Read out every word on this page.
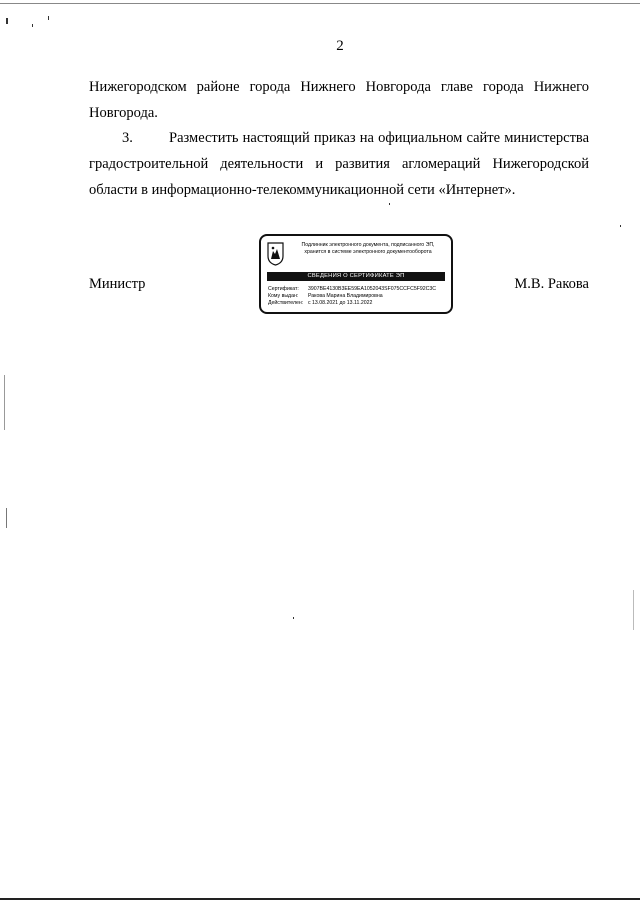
2
Нижегородском районе города Нижнего Новгорода главе города Нижнего Новгорода.
3. Разместить настоящий приказ на официальном сайте министерства градостроительной деятельности и развития агломераций Нижегородской области в информационно-телекоммуникационной сети «Интернет».
Подлинник электронного документа, подписанного ЭП,
хранится в системе электронного документооборота
СВЕДЕНИЯ О СЕРТИФИКАТЕ ЭП
Сертификат: 3907BE4130B3EE59EA1052043SF075CCFC5F92C3C
Кому выдан: Ракова Марина Владимировна
Действителен: с 13.08.2021 до 13.11.2022
Министр	М.В. Ракова
